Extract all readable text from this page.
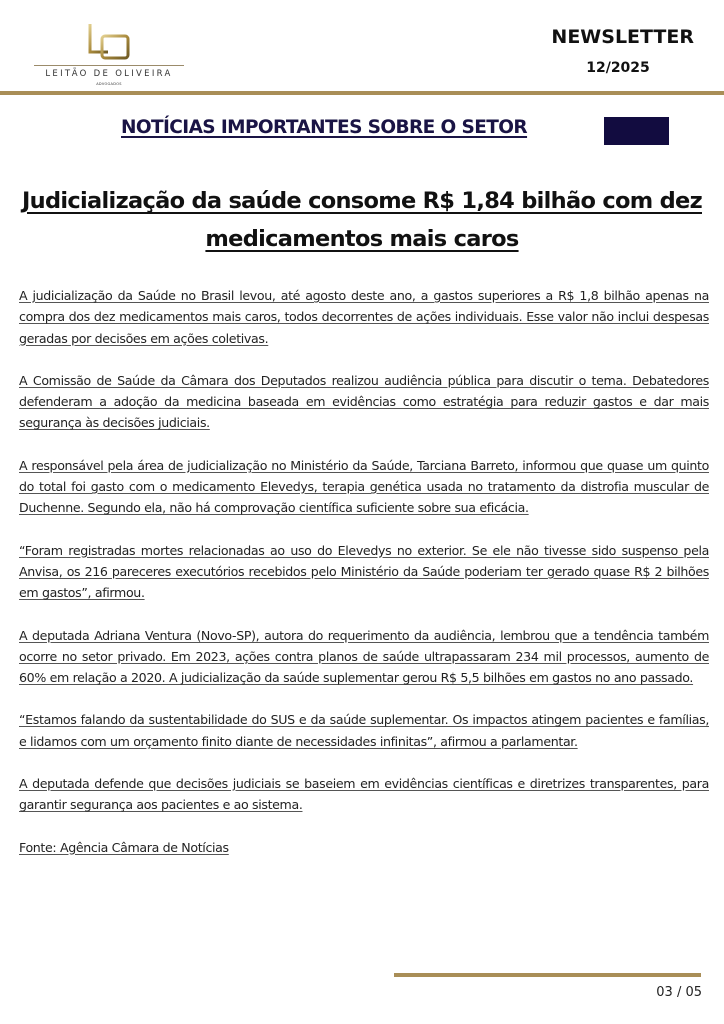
LEITÃO DE OLIVEIRA
ADVOGADOS
NEWSLETTER
12/2025
NOTÍCIAS IMPORTANTES SOBRE O SETOR
Judicialização da saúde consome R$ 1,84 bilhão com dez medicamentos mais caros

A judicialização da Saúde no Brasil levou, até agosto deste ano, a gastos superiores a R$ 1,8 bilhão apenas na compra dos dez medicamentos mais caros, todos decorrentes de ações individuais. Esse valor não inclui despesas geradas por decisões em ações coletivas.

A Comissão de Saúde da Câmara dos Deputados realizou audiência pública para discutir o tema. Debatedores defenderam a adoção da medicina baseada em evidências como estratégia para reduzir gastos e dar mais segurança às decisões judiciais.

A responsável pela área de judicialização no Ministério da Saúde, Tarciana Barreto, informou que quase um quinto do total foi gasto com o medicamento Elevedys, terapia genética usada no tratamento da distrofia muscular de Duchenne. Segundo ela, não há comprovação científica suficiente sobre sua eficácia.

“Foram registradas mortes relacionadas ao uso do Elevedys no exterior. Se ele não tivesse sido suspenso pela Anvisa, os 216 pareceres executórios recebidos pelo Ministério da Saúde poderiam ter gerado quase R$ 2 bilhões em gastos”, afirmou.

A deputada Adriana Ventura (Novo-SP), autora do requerimento da audiência, lembrou que a tendência também ocorre no setor privado. Em 2023, ações contra planos de saúde ultrapassaram 234 mil processos, aumento de 60% em relação a 2020. A judicialização da saúde suplementar gerou R$ 5,5 bilhões em gastos no ano passado.

“Estamos falando da sustentabilidade do SUS e da saúde suplementar. Os impactos atingem pacientes e famílias, e lidamos com um orçamento finito diante de necessidades infinitas”, afirmou a parlamentar.

A deputada defende que decisões judiciais se baseiem em evidências científicas e diretrizes transparentes, para garantir segurança aos pacientes e ao sistema.

Fonte: Agência Câmara de Notícias

03 / 05
